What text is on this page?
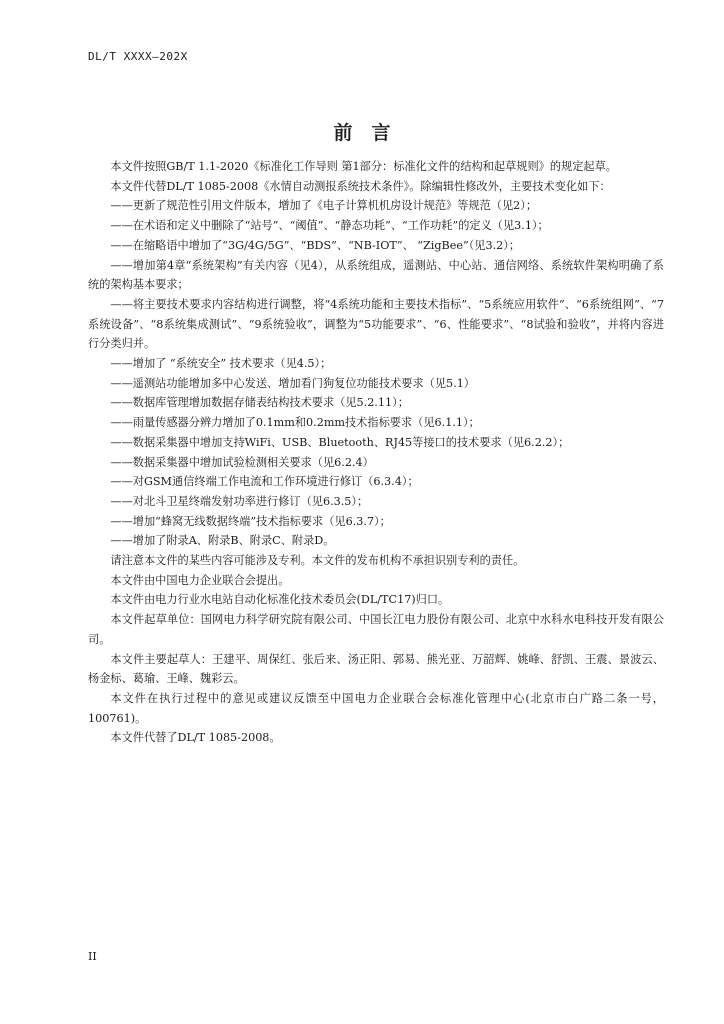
DL/T XXXX—202X
前　言

本文件按照GB/T 1.1-2020《标准化工作导则 第1部分：标准化文件的结构和起草规则》的规定起草。

本文件代替DL/T 1085-2008《水情自动测报系统技术条件》。除编辑性修改外，主要技术变化如下：

——更新了规范性引用文件版本，增加了《电子计算机机房设计规范》等规范（见2）；

——在术语和定义中删除了“站号”、“阈值”、“静态功耗”、“工作功耗”的定义（见3.1）；

——在缩略语中增加了“3G/4G/5G”、“BDS”、“NB-IOT”、 “ZigBee”（见3.2）；

——增加第4章“系统架构”有关内容（见4），从系统组成，遥测站、中心站、通信网络、系统软件架构明确了系统的架构基本要求；

——将主要技术要求内容结构进行调整，将“4系统功能和主要技术指标”、“5系统应用软件”、“6系统组网”、“7系统设备”、“8系统集成测试”、“9系统验收”，调整为“5功能要求”、“6、性能要求”、“8试验和验收”，并将内容进行分类归并。

——增加了 “系统安全” 技术要求（见4.5）；

——遥测站功能增加多中心发送、增加看门狗复位功能技术要求（见5.1）

——数据库管理增加数据存储表结构技术要求（见5.2.11）；

——雨量传感器分辨力增加了0.1mm和0.2mm技术指标要求（见6.1.1）；

——数据采集器中增加支持WiFi、USB、Bluetooth、RJ45等接口的技术要求（见6.2.2）；

——数据采集器中增加试验检测相关要求（见6.2.4）

——对GSM通信终端工作电流和工作环境进行修订（6.3.4）；

——对北斗卫星终端发射功率进行修订（见6.3.5）；

——增加“蜂窝无线数据终端”技术指标要求（见6.3.7）；

——增加了附录A、附录B、附录C、附录D。

请注意本文件的某些内容可能涉及专利。本文件的发布机构不承担识别专利的责任。

本文件由中国电力企业联合会提出。

本文件由电力行业水电站自动化标准化技术委员会(DL/TC17)归口。

本文件起草单位：国网电力科学研究院有限公司、中国长江电力股份有限公司、北京中水科水电科技开发有限公司。

本文件主要起草人：王建平、周保红、张后来、汤正阳、郭易、熊光亚、万韶辉、姚峰、舒凯、王震、景波云、杨金标、葛瑜、王峰、魏彩云。

本文件在执行过程中的意见或建议反馈至中国电力企业联合会标准化管理中心(北京市白广路二条一号，100761)。

本文件代替了DL/T 1085-2008。

II
